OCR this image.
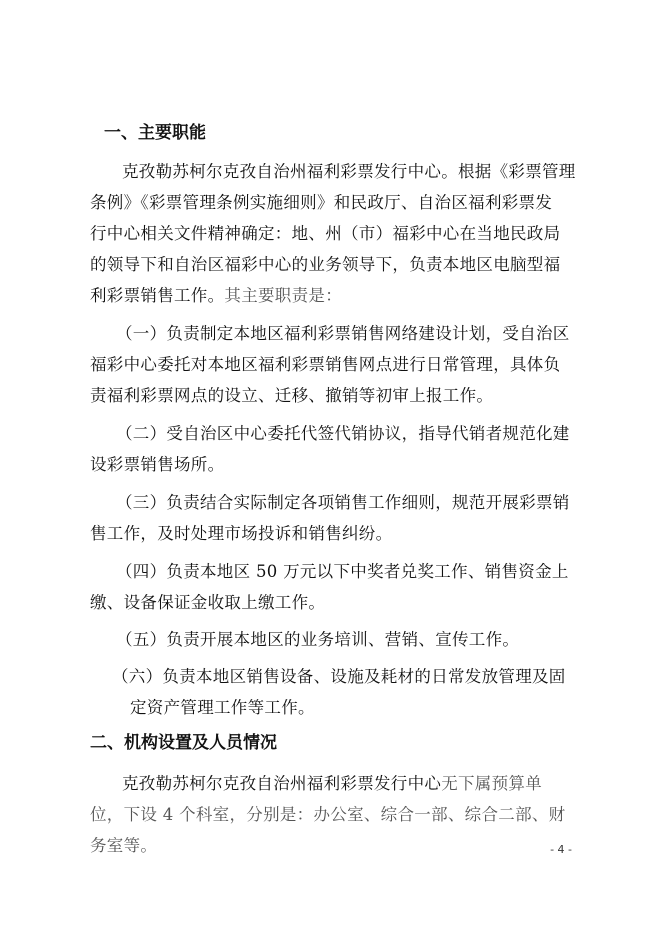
一、主要职能
克孜勒苏柯尔克孜自治州福利彩票发行中心。根据《彩票管理
条例》《彩票管理条例实施细则》和民政厅、自治区福利彩票发
行中心相关文件精神确定：地、州（市）福彩中心在当地民政局
的领导下和自治区福彩中心的业务领导下，负责本地区电脑型福
利彩票销售工作。其主要职责是：
（一）负责制定本地区福利彩票销售网络建设计划，受自治区
福彩中心委托对本地区福利彩票销售网点进行日常管理，具体负
责福利彩票网点的设立、迁移、撤销等初审上报工作。
（二）受自治区中心委托代签代销协议，指导代销者规范化建
设彩票销售场所。
（三）负责结合实际制定各项销售工作细则，规范开展彩票销
售工作，及时处理市场投诉和销售纠纷。
（四）负责本地区 50 万元以下中奖者兑奖工作、销售资金上
缴、设备保证金收取上缴工作。
（五）负责开展本地区的业务培训、营销、宣传工作。
（六）负责本地区销售设备、设施及耗材的日常发放管理及固
定资产管理工作等工作。
二、机构设置及人员情况
克孜勒苏柯尔克孜自治州福利彩票发行中心无下属预算单
位，下设 4 个科室，分别是：办公室、综合一部、综合二部、财
务室等。	- 4 -
